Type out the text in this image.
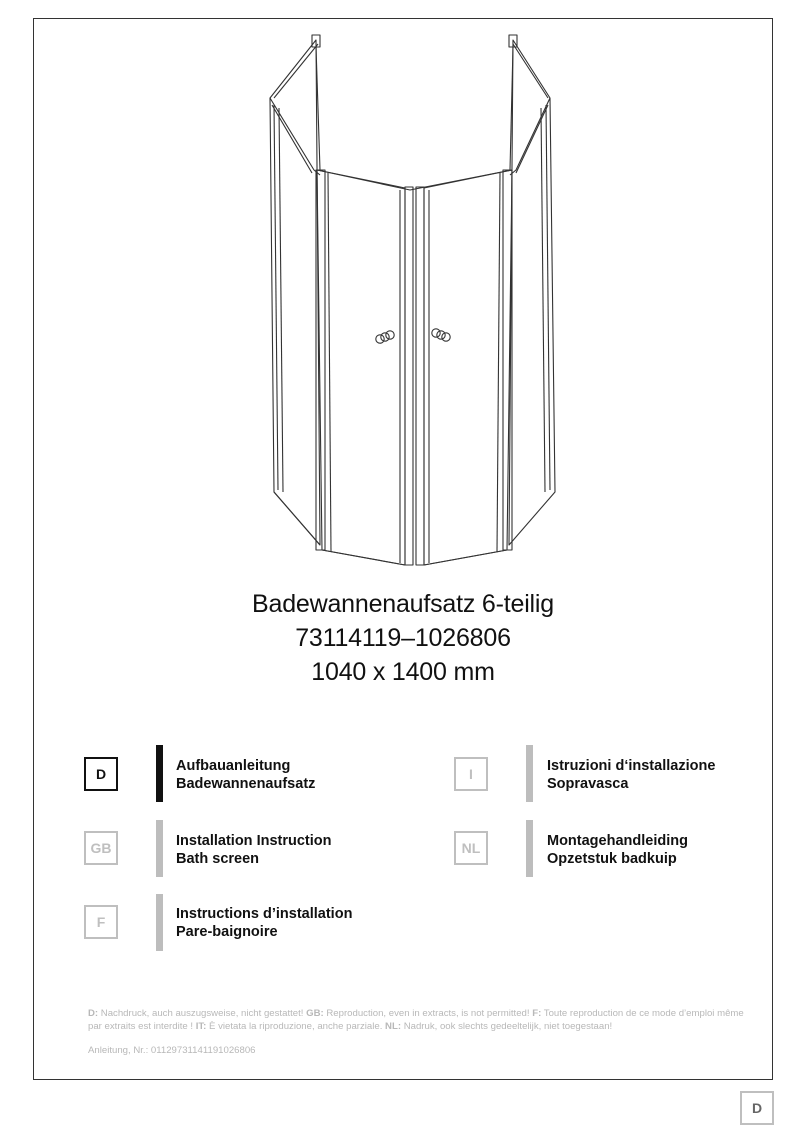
Badewannenaufsatz 6-teilig
73114119–1026806
1040 x 1400 mm
D	Aufbauanleitung
Badewannenaufsatz
I	Istruzioni d‘installazione
Sopravasca
GB	Installation Instruction
Bath screen
NL	Montagehandleiding
Opzetstuk badkuip
F	Instructions d’installation
Pare-baignoire
D: Nachdruck, auch auszugsweise, nicht gestattet! GB: Reproduction, even in extracts, is not permitted! F: Toute reproduction de ce mode d’emploi même par extraits est interdite ! IT: È vietata la riproduzione, anche parziale. NL: Nadruk, ook slechts gedeeltelijk, niet toegestaan!
Anleitung, Nr.: 01129731141191026806
D
